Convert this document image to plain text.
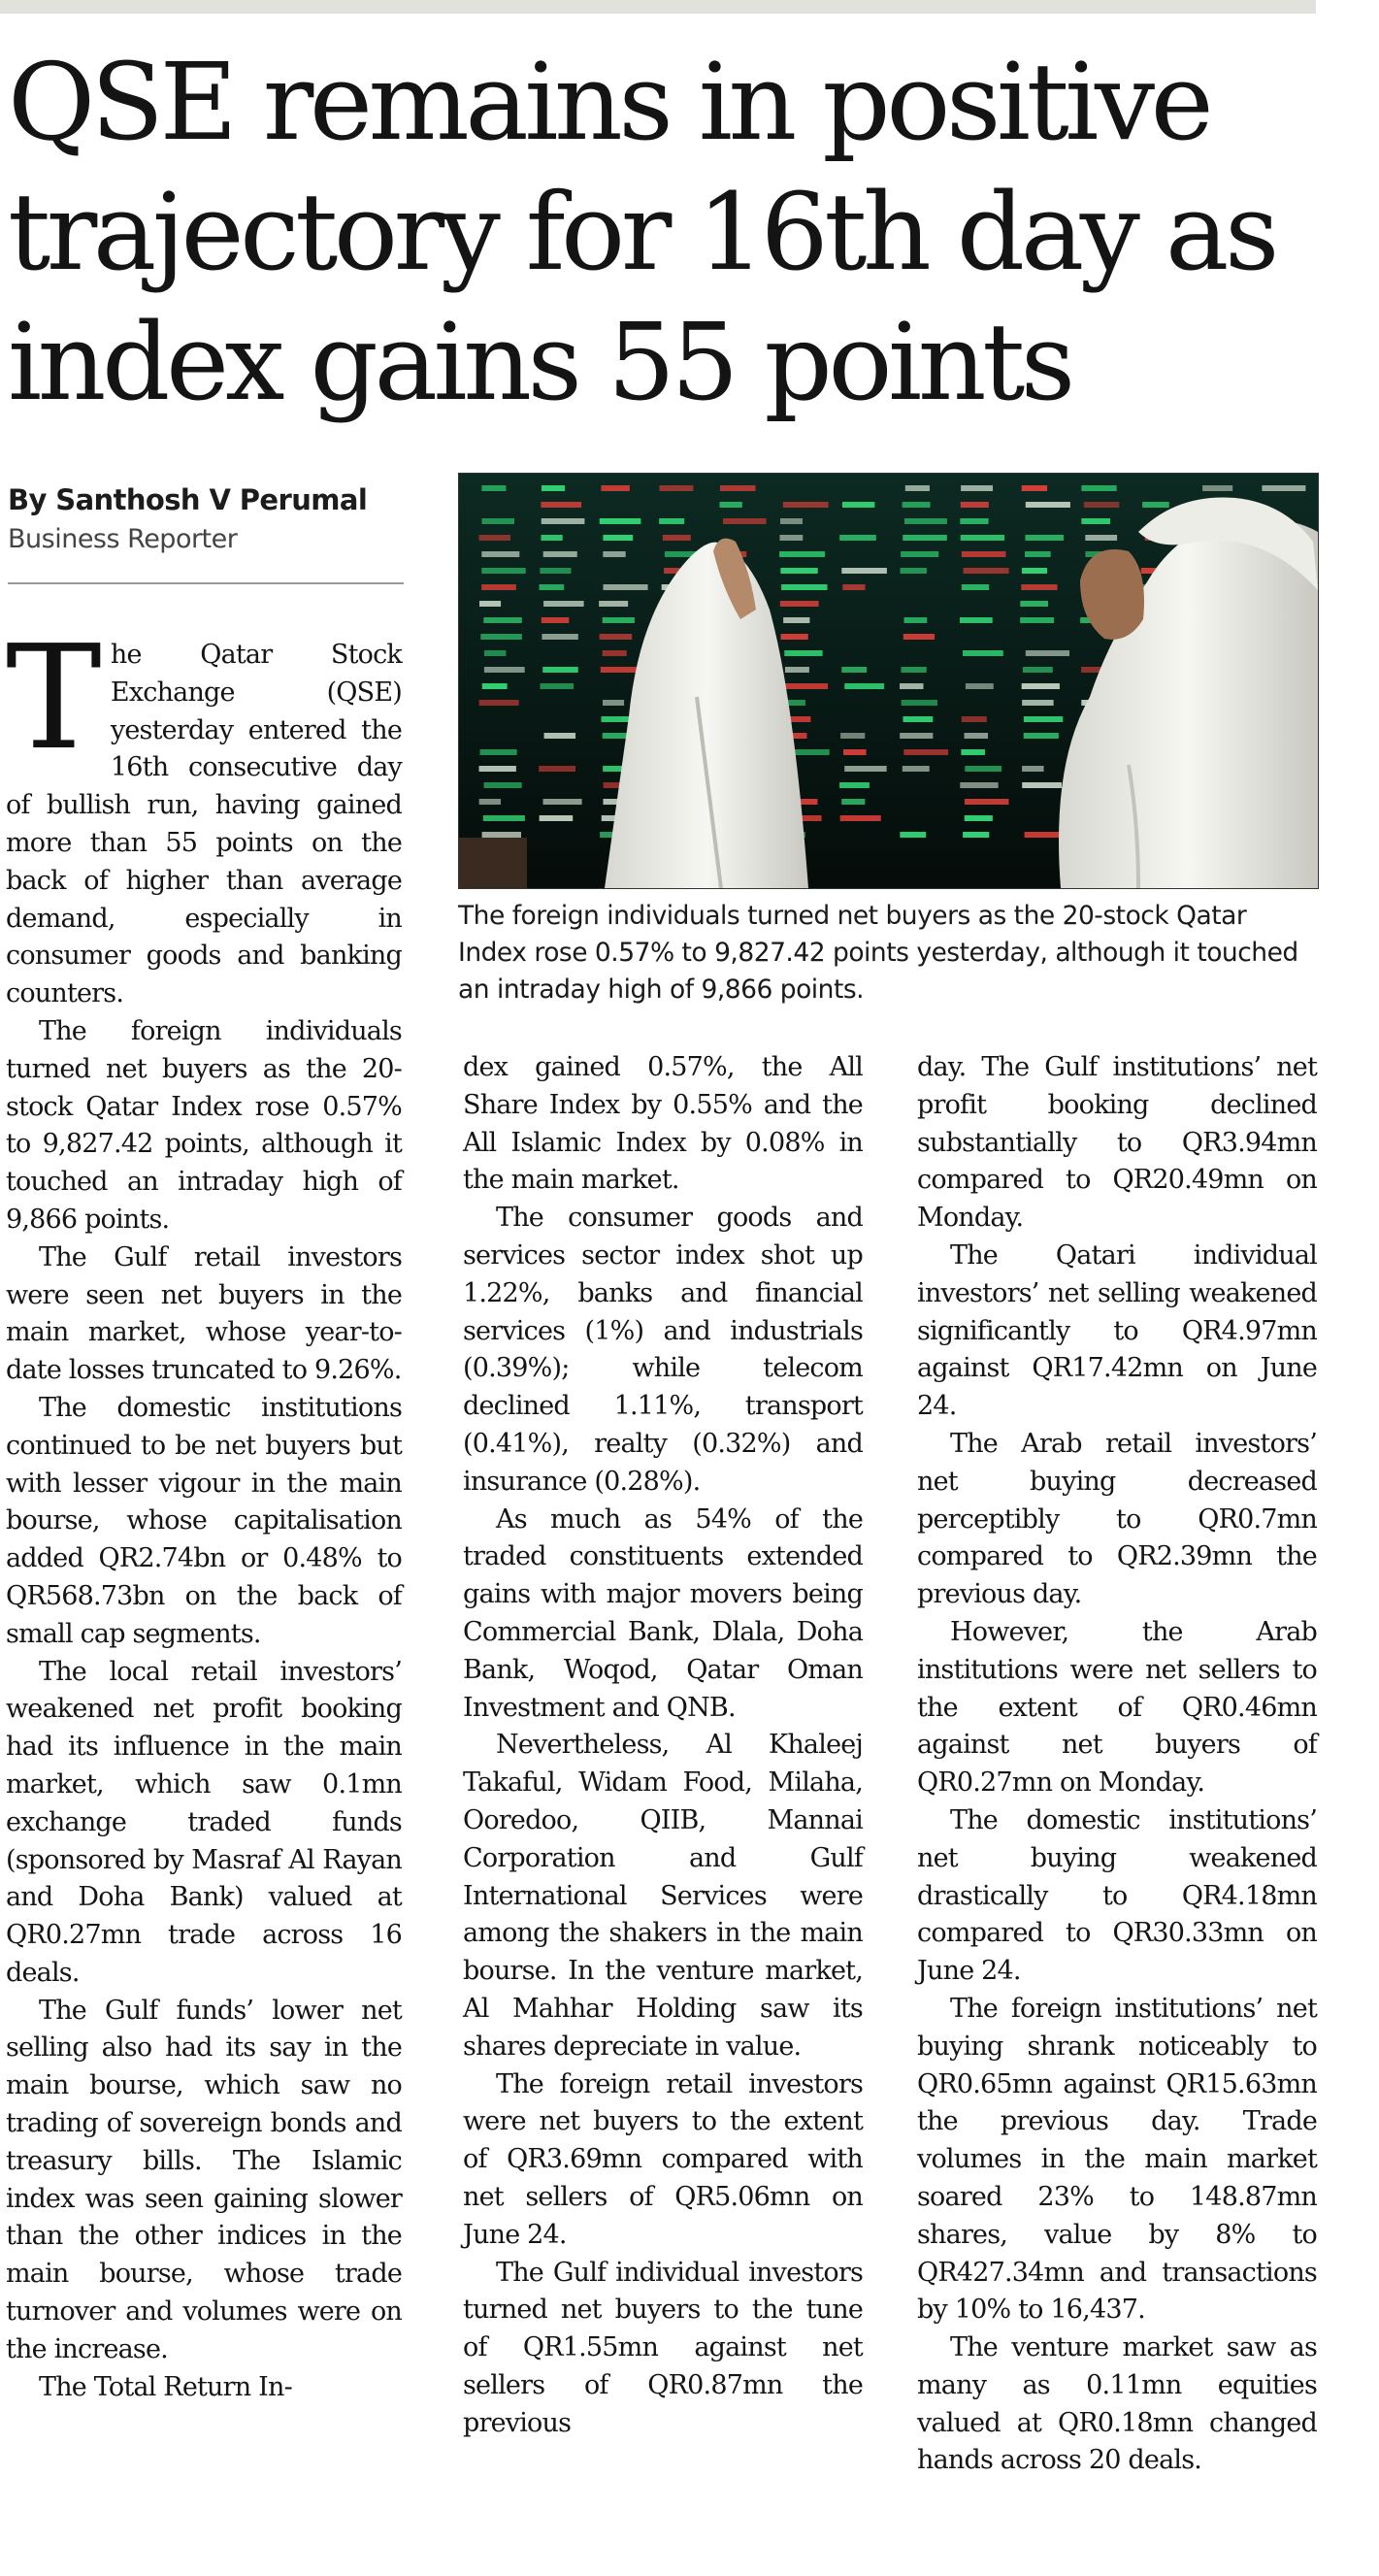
QSE remains in positive trajectory for 16th day as index gains 55 points
By Santhosh V Perumal
Business Reporter
The foreign individuals turned net buyers as the 20-stock Qatar Index rose 0.57% to 9,827.42 points yesterday, although it touched an intraday high of 9,866 points.

The Qatar Stock Exchange (QSE) yesterday entered the 16th consecutive day of bullish run, having gained more than 55 points on the back of higher than average demand, especially in consumer goods and banking counters.

The foreign individuals turned net buyers as the 20-stock Qatar Index rose 0.57% to 9,827.42 points, although it touched an intraday high of 9,866 points.

The Gulf retail investors were seen net buyers in the main market, whose year-to-date losses truncated to 9.26%.

The domestic institutions continued to be net buyers but with lesser vigour in the main bourse, whose capitalisation added QR2.74bn or 0.48% to QR568.73bn on the back of small cap segments.

The local retail investors’ weakened net profit booking had its influence in the main market, which saw 0.1mn exchange traded funds (sponsored by Masraf Al Rayan and Doha Bank) valued at QR0.27mn trade across 16 deals.

The Gulf funds’ lower net selling also had its say in the main bourse, which saw no trading of sovereign bonds and treasury bills. The Islamic index was seen gaining slower than the other indices in the main bourse, whose trade turnover and volumes were on the increase.

The Total Return In-

dex gained 0.57%, the All Share Index by 0.55% and the All Islamic Index by 0.08% in the main market.

The consumer goods and services sector index shot up 1.22%, banks and financial services (1%) and industrials (0.39%); while telecom declined 1.11%, transport (0.41%), realty (0.32%) and insurance (0.28%).

As much as 54% of the traded constituents extended gains with major movers being Commercial Bank, Dlala, Doha Bank, Woqod, Qatar Oman Investment and QNB.

Nevertheless, Al Khaleej Takaful, Widam Food, Milaha, Ooredoo, QIIB, Mannai Corporation and Gulf International Services were among the shakers in the main bourse. In the venture market, Al Mahhar Holding saw its shares depreciate in value.

The foreign retail investors were net buyers to the extent of QR3.69mn compared with net sellers of QR5.06mn on June 24.

The Gulf individual investors turned net buyers to the tune of QR1.55mn against net sellers of QR0.87mn the previous

day. The Gulf institutions’ net profit booking declined substantially to QR3.94mn compared to QR20.49mn on Monday.

The Qatari individual investors’ net selling weakened significantly to QR4.97mn against QR17.42mn on June 24.

The Arab retail investors’ net buying decreased perceptibly to QR0.7mn compared to QR2.39mn the previous day.

However, the Arab institutions were net sellers to the extent of QR0.46mn against net buyers of QR0.27mn on Monday.

The domestic institutions’ net buying weakened drastically to QR4.18mn compared to QR30.33mn on June 24.

The foreign institutions’ net buying shrank noticeably to QR0.65mn against QR15.63mn the previous day. Trade volumes in the main market soared 23% to 148.87mn shares, value by 8% to QR427.34mn and transactions by 10% to 16,437.

The venture market saw as many as 0.11mn equities valued at QR0.18mn changed hands across 20 deals.
